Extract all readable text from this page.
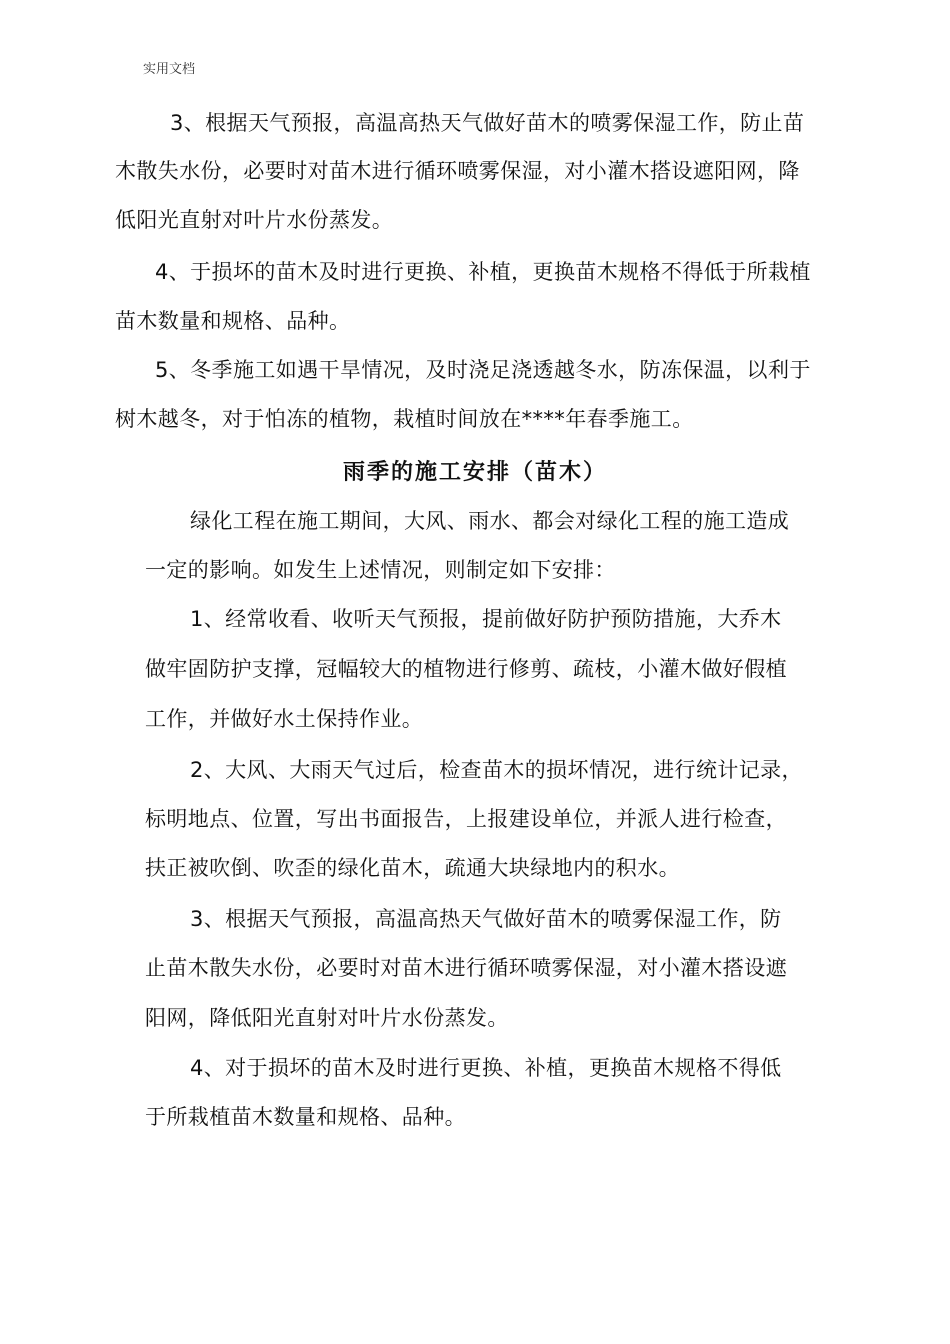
实用文档
3、根据天气预报，高温高热天气做好苗木的喷雾保湿工作，防止苗
木散失水份，必要时对苗木进行循环喷雾保湿，对小灌木搭设遮阳网，降
低阳光直射对叶片水份蒸发。
4、于损坏的苗木及时进行更换、补植，更换苗木规格不得低于所栽植
苗木数量和规格、品种。
5、冬季施工如遇干旱情况，及时浇足浇透越冬水，防冻保温，以利于
树木越冬，对于怕冻的植物，栽植时间放在****年春季施工。
雨季的施工安排（苗木）
绿化工程在施工期间，大风、雨水、都会对绿化工程的施工造成
一定的影响。如发生上述情况，则制定如下安排：
1、经常收看、收听天气预报，提前做好防护预防措施，大乔木
做牢固防护支撑，冠幅较大的植物进行修剪、疏枝，小灌木做好假植
工作，并做好水土保持作业。
2、大风、大雨天气过后，检查苗木的损坏情况，进行统计记录，
标明地点、位置，写出书面报告，上报建设单位，并派人进行检查，
扶正被吹倒、吹歪的绿化苗木，疏通大块绿地内的积水。
3、根据天气预报，高温高热天气做好苗木的喷雾保湿工作，防
止苗木散失水份，必要时对苗木进行循环喷雾保湿，对小灌木搭设遮
阳网，降低阳光直射对叶片水份蒸发。
4、对于损坏的苗木及时进行更换、补植，更换苗木规格不得低
于所栽植苗木数量和规格、品种。
